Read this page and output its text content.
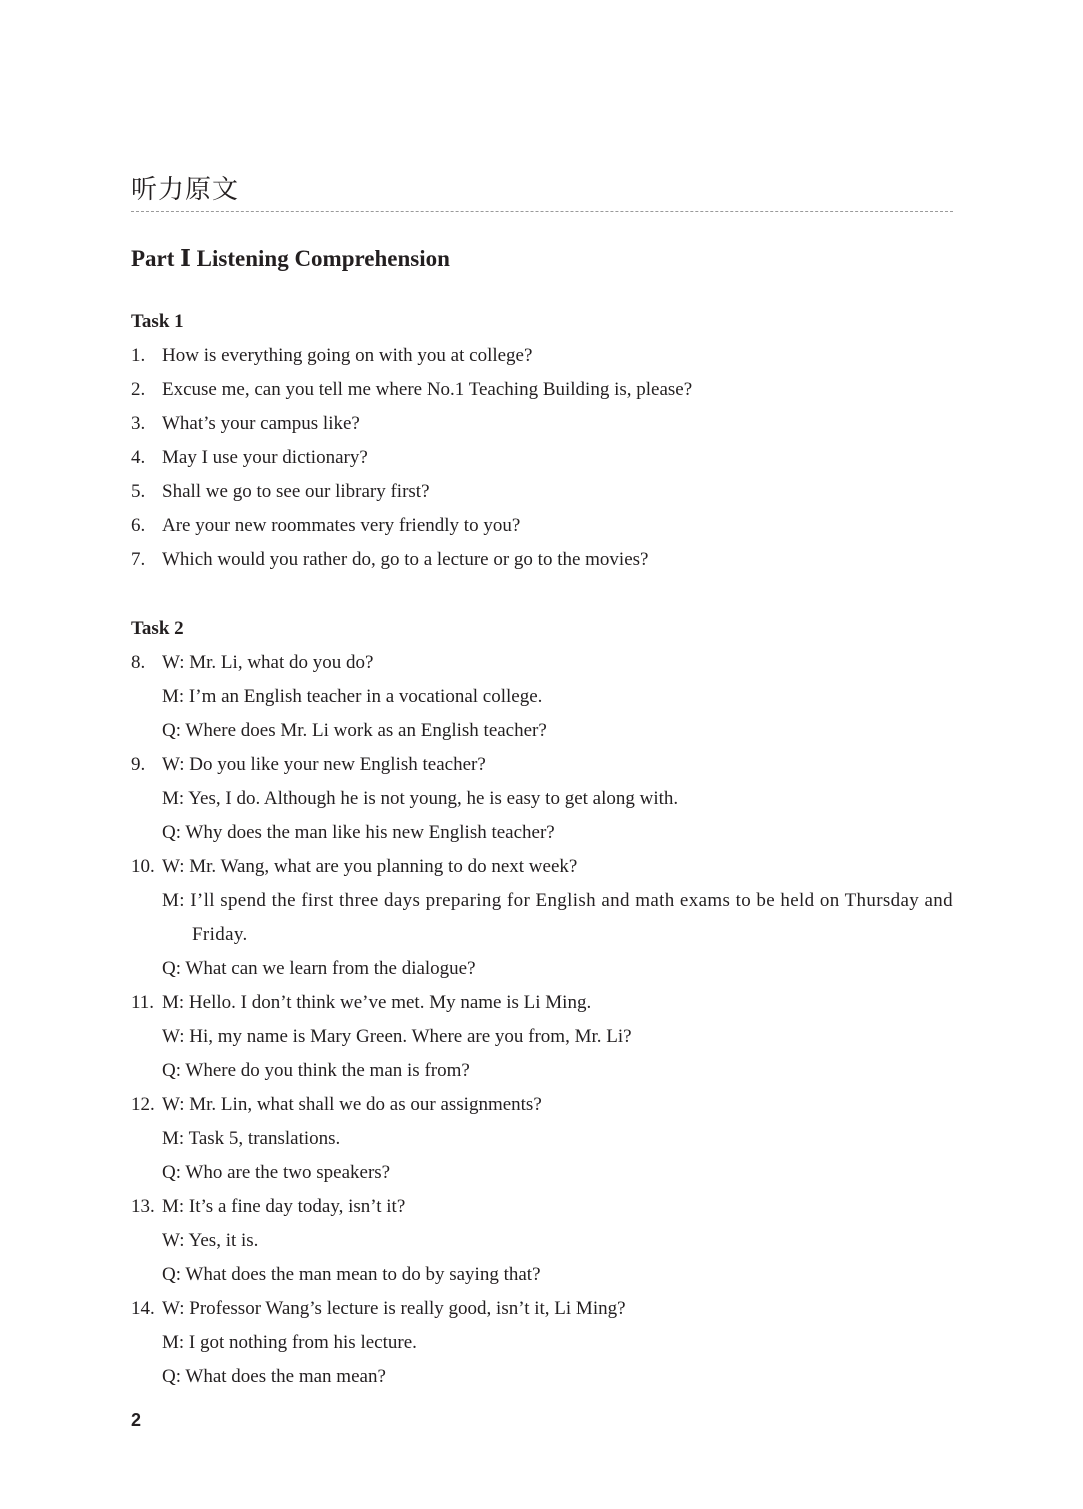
听力原文
Part Ⅰ Listening Comprehension
Task 1
1. How is everything going on with you at college?
2. Excuse me, can you tell me where No.1 Teaching Building is, please?
3. What’s your campus like?
4. May I use your dictionary?
5. Shall we go to see our library first?
6. Are your new roommates very friendly to you?
7. Which would you rather do, go to a lecture or go to the movies?
Task 2
8. W: Mr. Li, what do you do?
M: I’m an English teacher in a vocational college.
Q: Where does Mr. Li work as an English teacher?
9. W: Do you like your new English teacher?
M: Yes, I do. Although he is not young, he is easy to get along with.
Q: Why does the man like his new English teacher?
10. W: Mr. Wang, what are you planning to do next week?
M: I’ll spend the first three days preparing for English and math exams to be held on Thursday and Friday.
Q: What can we learn from the dialogue?
11. M: Hello. I don’t think we’ve met. My name is Li Ming.
W: Hi, my name is Mary Green. Where are you from, Mr. Li?
Q: Where do you think the man is from?
12. W: Mr. Lin, what shall we do as our assignments?
M: Task 5, translations.
Q: Who are the two speakers?
13. M: It’s a fine day today, isn’t it?
W: Yes, it is.
Q: What does the man mean to do by saying that?
14. W: Professor Wang’s lecture is really good, isn’t it, Li Ming?
M: I got nothing from his lecture.
Q: What does the man mean?
2
